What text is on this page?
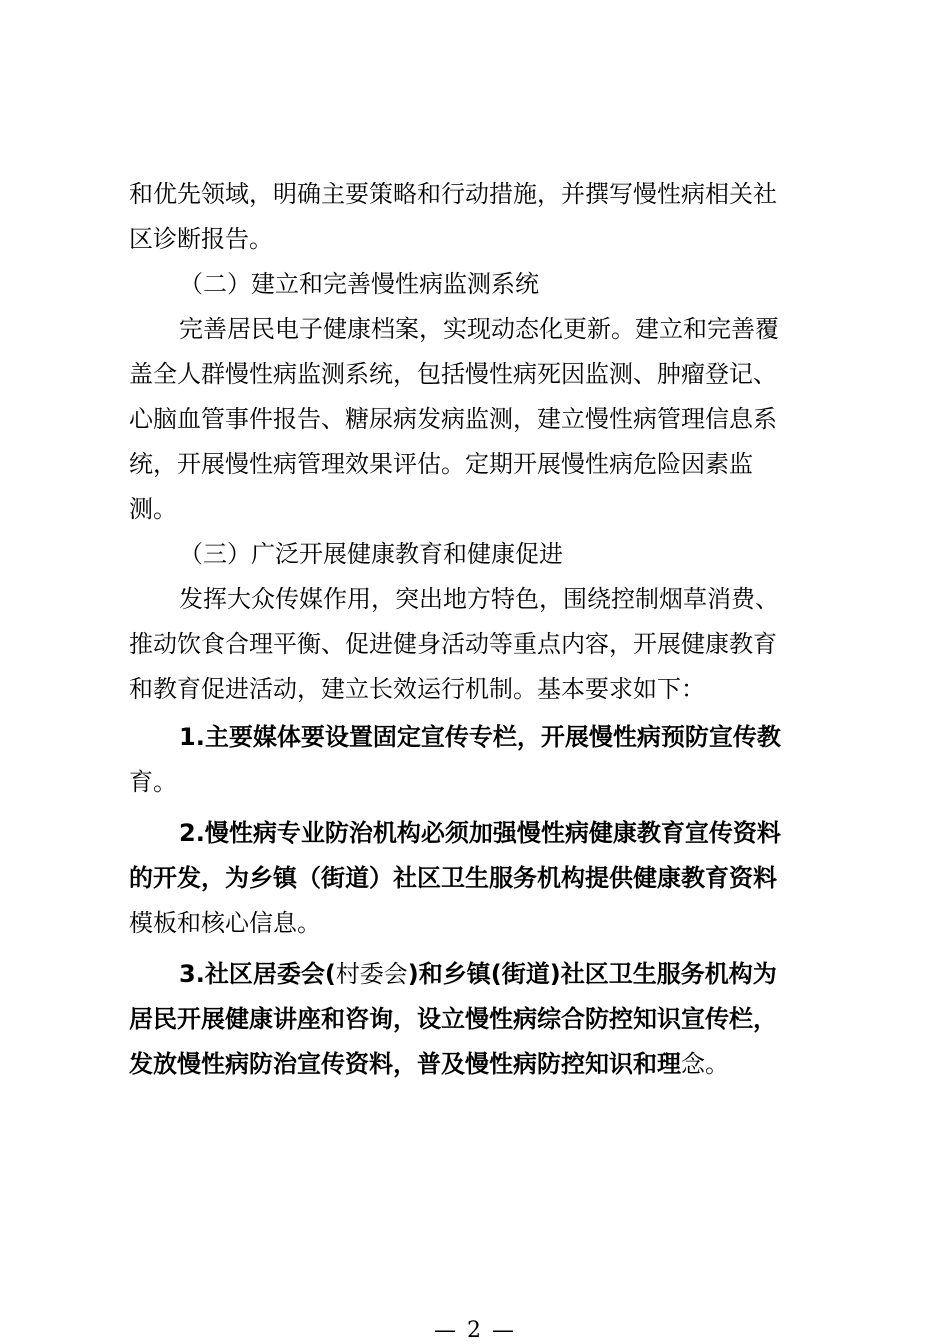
和优先领域，明确主要策略和行动措施，并撰写慢性病相关社
区诊断报告。
（二）建立和完善慢性病监测系统
完善居民电子健康档案，实现动态化更新。建立和完善覆
盖全人群慢性病监测系统，包括慢性病死因监测、肿瘤登记、
心脑血管事件报告、糖尿病发病监测，建立慢性病管理信息系
统，开展慢性病管理效果评估。定期开展慢性病危险因素监
测。
（三）广泛开展健康教育和健康促进
发挥大众传媒作用，突出地方特色，围绕控制烟草消费、
推动饮食合理平衡、促进健身活动等重点内容，开展健康教育
和教育促进活动，建立长效运行机制。基本要求如下：
1.主要媒体要设置固定宣传专栏，开展慢性病预防宣传教
育。
2.慢性病专业防治机构必须加强慢性病健康教育宣传资料
的开发，为乡镇（街道）社区卫生服务机构提供健康教育资料
模板和核心信息。
3.社区居委会(村委会)和乡镇(街道)社区卫生服务机构为
居民开展健康讲座和咨询，设立慢性病综合防控知识宣传栏，
发放慢性病防治宣传资料，普及慢性病防控知识和理念。
— 2 —
